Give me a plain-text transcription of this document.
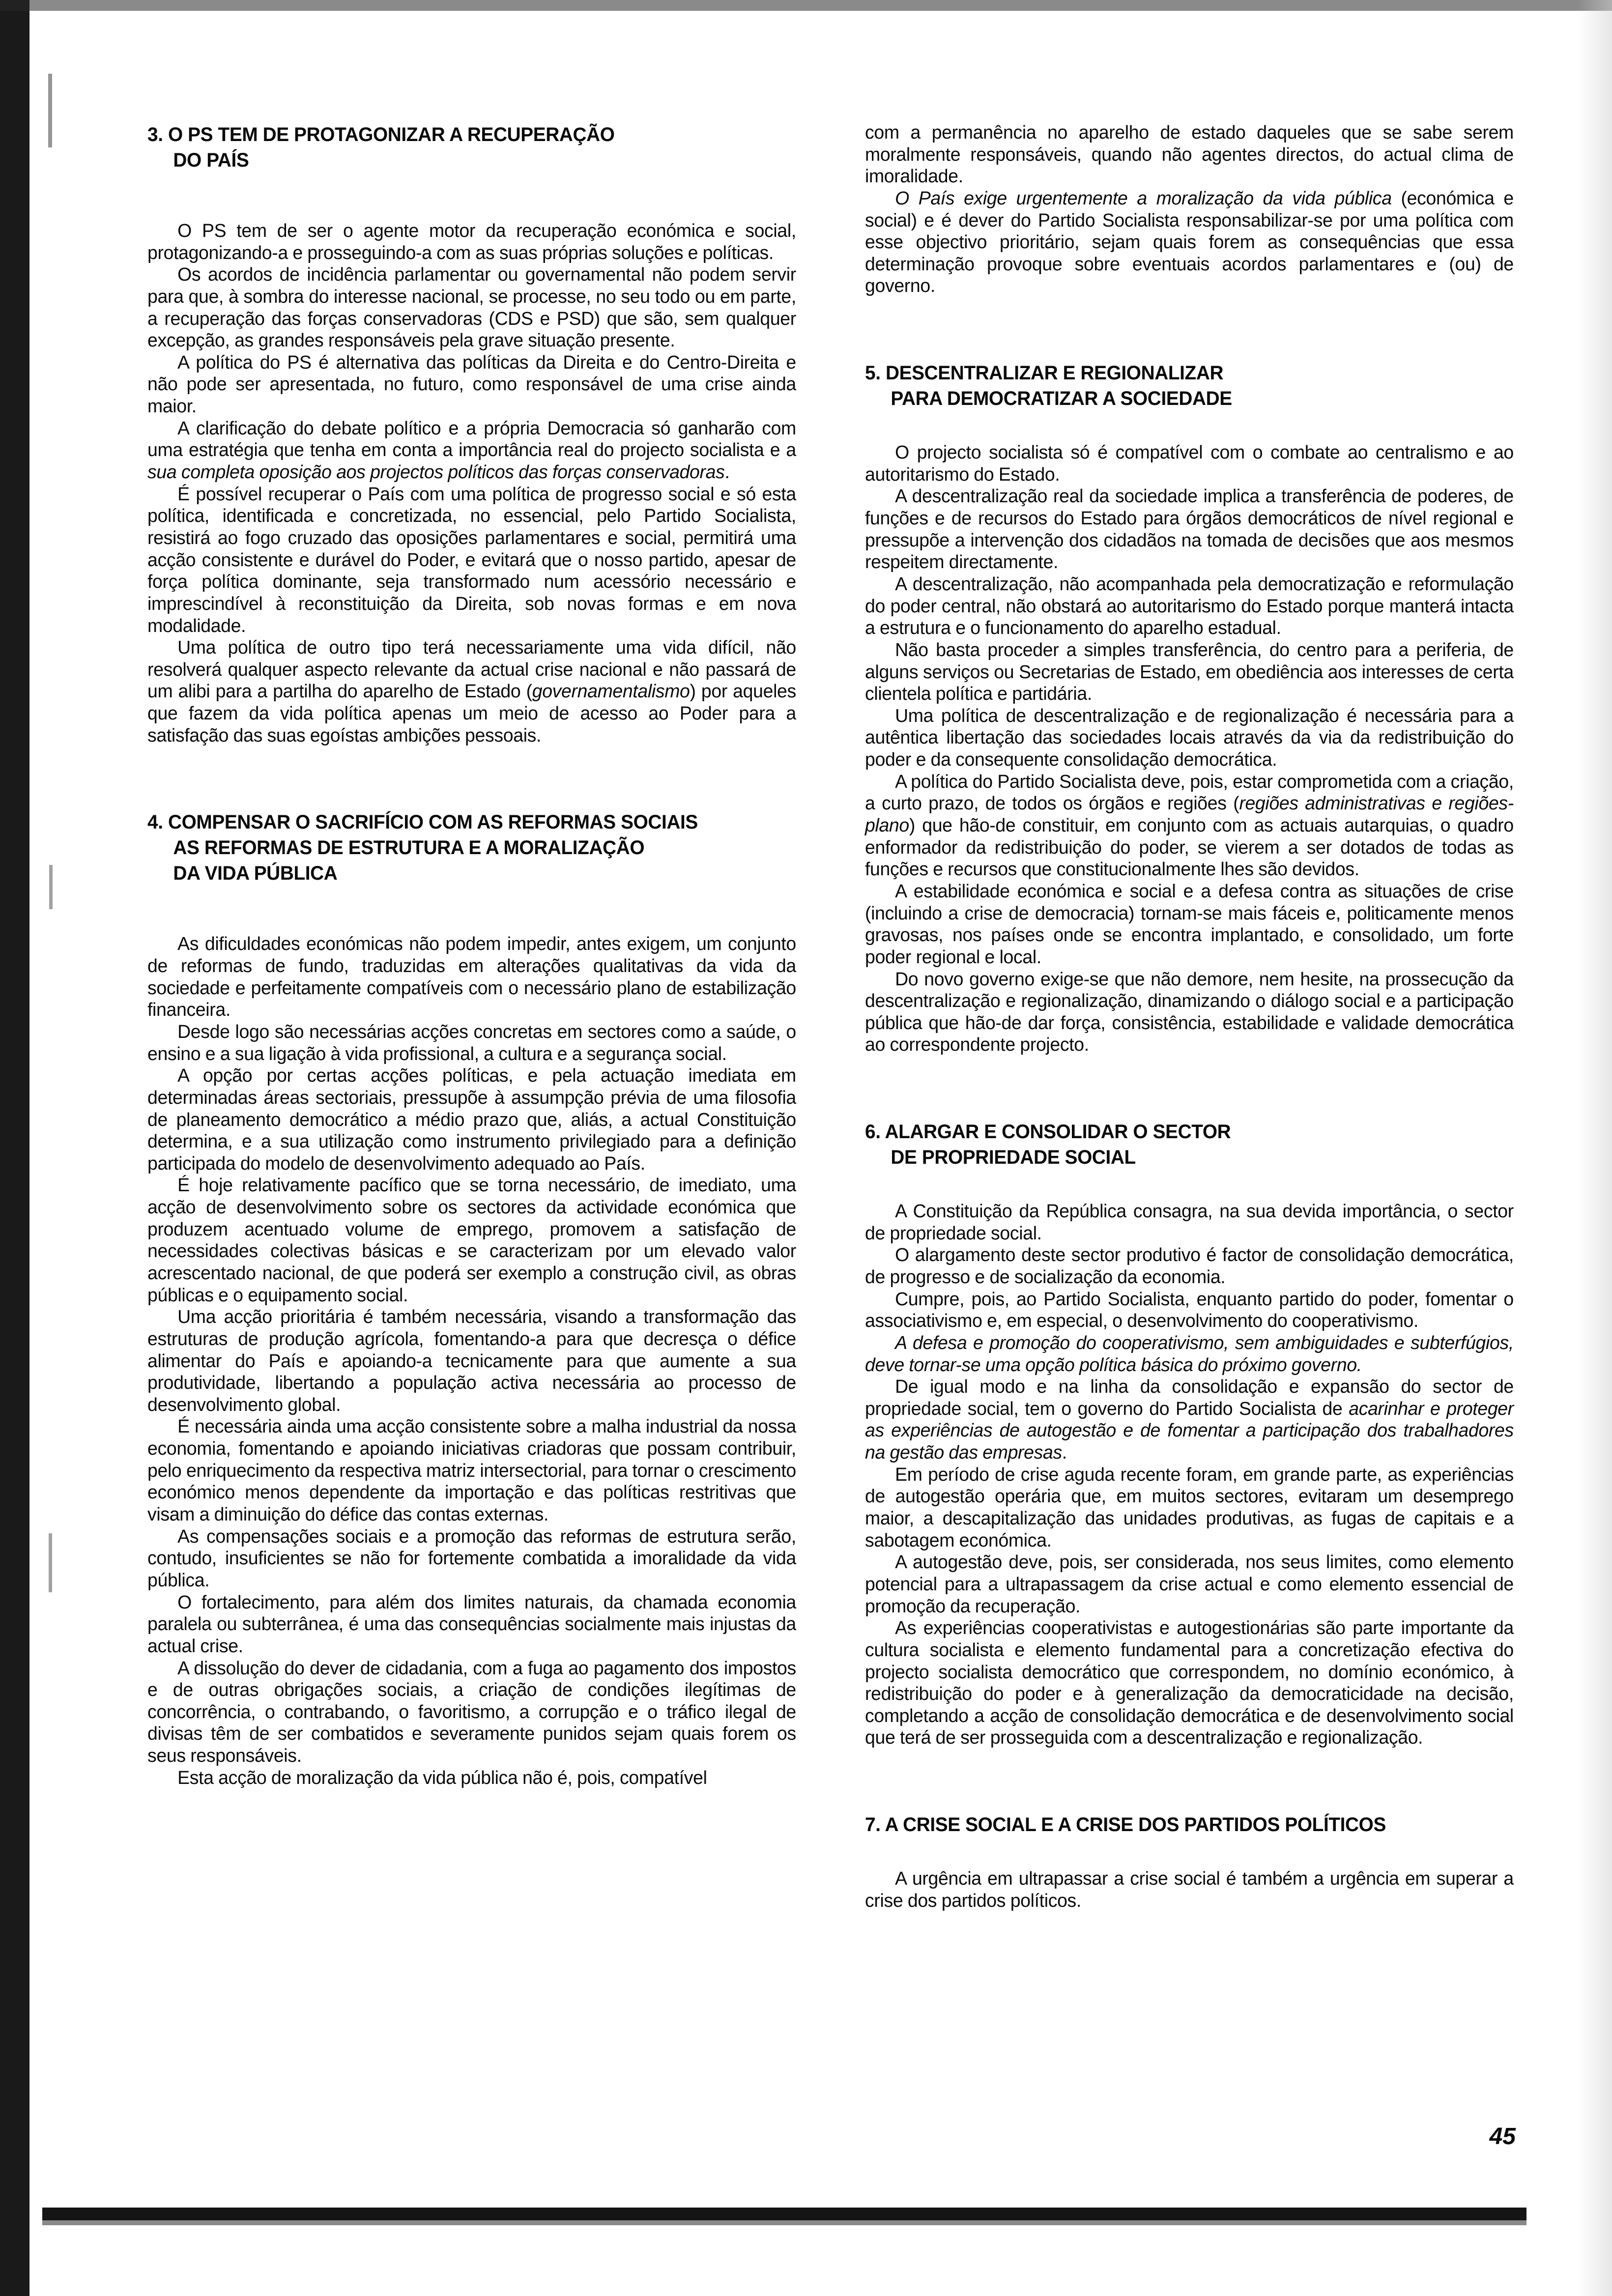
3. O PS TEM DE PROTAGONIZAR A RECUPERAÇÃO
DO PAÍS

O PS tem de ser o agente motor da recuperação económica e social, protagonizando-a e prosseguindo-a com as suas próprias soluções e políticas.

Os acordos de incidência parlamentar ou governamental não podem servir para que, à sombra do interesse nacional, se processe, no seu todo ou em parte, a recuperação das forças conservadoras (CDS e PSD) que são, sem qualquer excepção, as grandes responsáveis pela grave situação presente.

A política do PS é alternativa das políticas da Direita e do Centro-Direita e não pode ser apresentada, no futuro, como responsável de uma crise ainda maior.

A clarificação do debate político e a própria Democracia só ganharão com uma estratégia que tenha em conta a importância real do projecto socialista e a sua completa oposição aos projectos políticos das forças conservadoras.

É possível recuperar o País com uma política de progresso social e só esta política, identificada e concretizada, no essencial, pelo Partido Socialista, resistirá ao fogo cruzado das oposições parlamentares e social, permitirá uma acção consistente e durável do Poder, e evitará que o nosso partido, apesar de força política dominante, seja transformado num acessório necessário e imprescindível à reconstituição da Direita, sob novas formas e em nova modalidade.

Uma política de outro tipo terá necessariamente uma vida difícil, não resolverá qualquer aspecto relevante da actual crise nacional e não passará de um alibi para a partilha do aparelho de Estado (governamentalismo) por aqueles que fazem da vida política apenas um meio de acesso ao Poder para a satisfação das suas egoístas ambições pessoais.

4. COMPENSAR O SACRIFÍCIO COM AS REFORMAS SOCIAIS
AS REFORMAS DE ESTRUTURA E A MORALIZAÇÃO
DA VIDA PÚBLICA

As dificuldades económicas não podem impedir, antes exigem, um conjunto de reformas de fundo, traduzidas em alterações qualitativas da vida da sociedade e perfeitamente compatíveis com o necessário plano de estabilização financeira.

Desde logo são necessárias acções concretas em sectores como a saúde, o ensino e a sua ligação à vida profissional, a cultura e a segurança social.

A opção por certas acções políticas, e pela actuação imediata em determinadas áreas sectoriais, pressupõe à assumpção prévia de uma filosofia de planeamento democrático a médio prazo que, aliás, a actual Constituição determina, e a sua utilização como instrumento privilegiado para a definição participada do modelo de desenvolvimento adequado ao País.

É hoje relativamente pacífico que se torna necessário, de imediato, uma acção de desenvolvimento sobre os sectores da actividade económica que produzem acentuado volume de emprego, promovem a satisfação de necessidades colectivas básicas e se caracterizam por um elevado valor acrescentado nacional, de que poderá ser exemplo a construção civil, as obras públicas e o equipamento social.

Uma acção prioritária é também necessária, visando a transformação das estruturas de produção agrícola, fomentando-a para que decresça o défice alimentar do País e apoiando-a tecnicamente para que aumente a sua produtividade, libertando a população activa necessária ao processo de desenvolvimento global.

É necessária ainda uma acção consistente sobre a malha industrial da nossa economia, fomentando e apoiando iniciativas criadoras que possam contribuir, pelo enriquecimento da respectiva matriz intersectorial, para tornar o crescimento económico menos dependente da importação e das políticas restritivas que visam a diminuição do défice das contas externas.

As compensações sociais e a promoção das reformas de estrutura serão, contudo, insuficientes se não for fortemente combatida a imoralidade da vida pública.

O fortalecimento, para além dos limites naturais, da chamada economia paralela ou subterrânea, é uma das consequências socialmente mais injustas da actual crise.

A dissolução do dever de cidadania, com a fuga ao pagamento dos impostos e de outras obrigações sociais, a criação de condições ilegítimas de concorrência, o contrabando, o favoritismo, a corrupção e o tráfico ilegal de divisas têm de ser combatidos e severamente punidos sejam quais forem os seus responsáveis.

Esta acção de moralização da vida pública não é, pois, compatível

com a permanência no aparelho de estado daqueles que se sabe serem moralmente responsáveis, quando não agentes directos, do actual clima de imoralidade.

O País exige urgentemente a moralização da vida pública (económica e social) e é dever do Partido Socialista responsabilizar-se por uma política com esse objectivo prioritário, sejam quais forem as consequências que essa determinação provoque sobre eventuais acordos parlamentares e (ou) de governo.

5. DESCENTRALIZAR E REGIONALIZAR
PARA DEMOCRATIZAR A SOCIEDADE

O projecto socialista só é compatível com o combate ao centralismo e ao autoritarismo do Estado.

A descentralização real da sociedade implica a transferência de poderes, de funções e de recursos do Estado para órgãos democráticos de nível regional e pressupõe a intervenção dos cidadãos na tomada de decisões que aos mesmos respeitem directamente.

A descentralização, não acompanhada pela democratização e reformulação do poder central, não obstará ao autoritarismo do Estado porque manterá intacta a estrutura e o funcionamento do aparelho estadual.

Não basta proceder a simples transferência, do centro para a periferia, de alguns serviços ou Secretarias de Estado, em obediência aos interesses de certa clientela política e partidária.

Uma política de descentralização e de regionalização é necessária para a autêntica libertação das sociedades locais através da via da redistribuição do poder e da consequente consolidação democrática.

A política do Partido Socialista deve, pois, estar comprometida com a criação, a curto prazo, de todos os órgãos e regiões (regiões administrativas e regiões-plano) que hão-de constituir, em conjunto com as actuais autarquias, o quadro enformador da redistribuição do poder, se vierem a ser dotados de todas as funções e recursos que constitucionalmente lhes são devidos.

A estabilidade económica e social e a defesa contra as situações de crise (incluindo a crise de democracia) tornam-se mais fáceis e, politicamente menos gravosas, nos países onde se encontra implantado, e consolidado, um forte poder regional e local.

Do novo governo exige-se que não demore, nem hesite, na prossecução da descentralização e regionalização, dinamizando o diálogo social e a participação pública que hão-de dar força, consistência, estabilidade e validade democrática ao correspondente projecto.

6. ALARGAR E CONSOLIDAR O SECTOR
DE PROPRIEDADE SOCIAL

A Constituição da República consagra, na sua devida importância, o sector de propriedade social.

O alargamento deste sector produtivo é factor de consolidação democrática, de progresso e de socialização da economia.

Cumpre, pois, ao Partido Socialista, enquanto partido do poder, fomentar o associativismo e, em especial, o desenvolvimento do cooperativismo.

A defesa e promoção do cooperativismo, sem ambiguidades e subterfúgios, deve tornar-se uma opção política básica do próximo governo.

De igual modo e na linha da consolidação e expansão do sector de propriedade social, tem o governo do Partido Socialista de acarinhar e proteger as experiências de autogestão e de fomentar a participação dos trabalhadores na gestão das empresas.

Em período de crise aguda recente foram, em grande parte, as experiências de autogestão operária que, em muitos sectores, evitaram um desemprego maior, a descapitalização das unidades produtivas, as fugas de capitais e a sabotagem económica.

A autogestão deve, pois, ser considerada, nos seus limites, como elemento potencial para a ultrapassagem da crise actual e como elemento essencial de promoção da recuperação.

As experiências cooperativistas e autogestionárias são parte importante da cultura socialista e elemento fundamental para a concretização efectiva do projecto socialista democrático que correspondem, no domínio económico, à redistribuição do poder e à generalização da democraticidade na decisão, completando a acção de consolidação democrática e de desenvolvimento social que terá de ser prosseguida com a descentralização e regionalização.

7. A CRISE SOCIAL E A CRISE DOS PARTIDOS POLÍTICOS

A urgência em ultrapassar a crise social é também a urgência em superar a crise dos partidos políticos.

45
